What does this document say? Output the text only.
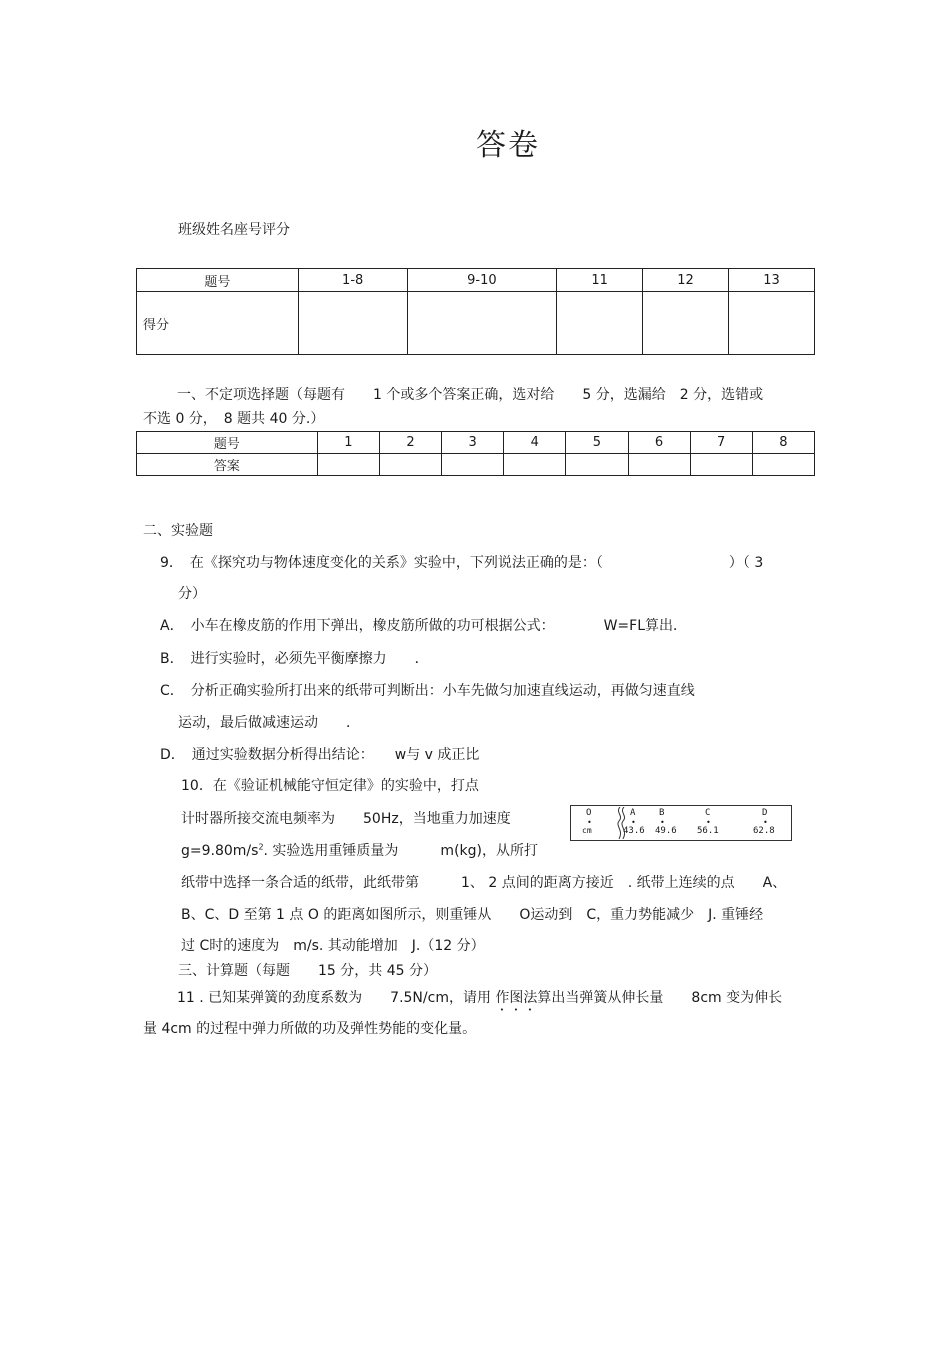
答卷
班级姓名座号评分
题号	1-8	9-10	11	12	13
得分					
一、不定项选择题（每题有　　1 个或多个答案正确，选对给　　5 分，选漏给　2 分，选错或
不选 0 分，　8 题共 40 分.）
题号	1	2	3	4	5	6	7	8
答案								
二、实验题
9．　在《探究功与物体速度变化的关系》实验中，下列说法正确的是：（　　　　　　　　　）（ 3
分）
A．　小车在橡皮筋的作用下弹出，橡皮筋所做的功可根据公式：　　　　W=FL算出．
B．　进行实验时，必须先平衡摩擦力　　．
C．　分析正确实验所打出来的纸带可判断出：小车先做匀加速直线运动，再做匀速直线
运动，最后做减速运动　　．
D．　通过实验数据分析得出结论：　　w与 v 成正比
10．在《验证机械能守恒定律》的实验中，打点
计时器所接交流电频率为　　50Hz，当地重力加速度
$g=9.80m/s^2$. 实验选用重锤质量为　　　m(kg)，从所打
纸带中选择一条合适的纸带，此纸带第　　　1、 2 点间的距离方接近　. 纸带上连续的点　　A、
B、C、D 至第 1 点 O 的距离如图所示，则重锤从　　O运动到　C，重力势能减少　J. 重锤经
过 C时的速度为　m/s. 其动能增加　J.（12 分）
O
•
cm
A	B	C	D
•	•	•	•
43.6 49.6 56.1	62.8
三、计算题（每题　　15 分，共 45 分）
11 . 已知某弹簧的劲度系数为　　7.5N/cm，请用 作图法算出当弹簧从伸长量　　8cm 变为伸长
量 4cm 的过程中弹力所做的功及弹性势能的变化量。
